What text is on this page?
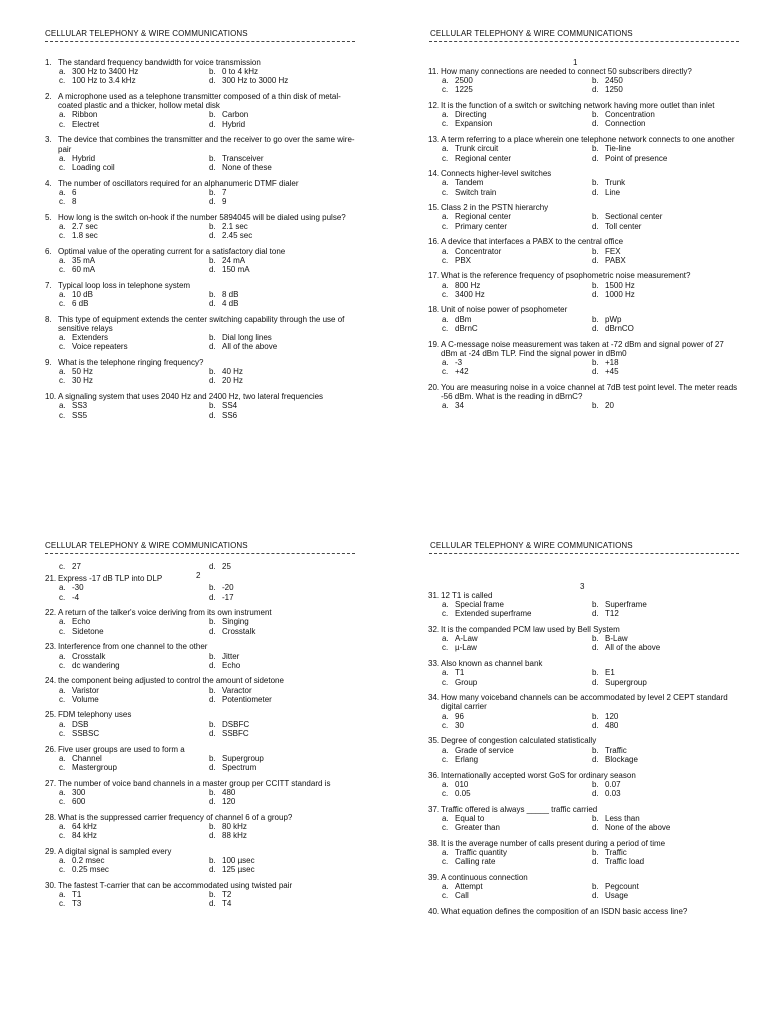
CELLULAR TELEPHONY & WIRE COMMUNICATIONS
1. The standard frequency bandwidth for voice transmission
a. 300 Hz to 3400 Hz	b. 0 to 4 kHz
c. 100 Hz to 3.4 kHz	d. 300 Hz to 3000 Hz
2. A microphone used as a telephone transmitter composed of a thin disk of metal-coated plastic and a thicker, hollow metal disk
a. Ribbon	b. Carbon
c. Electret	d. Hybrid
3. The device that combines the transmitter and the receiver to go over the same wire-pair
a. Hybrid	b. Transceiver
c. Loading coil	d. None of these
4. The number of oscillators required for an alphanumeric DTMF dialer
a. 6	b. 7
c. 8	d. 9
5. How long is the switch on-hook if the number 5894045 will be dialed using pulse?
a. 2.7 sec	b. 2.1 sec
c. 1.8 sec	d. 2.45 sec
6. Optimal value of the operating current for a satisfactory dial tone
a. 35 mA	b. 24 mA
c. 60 mA	d. 150 mA
7. Typical loop loss in telephone system
a. 10 dB	b. 8 dB
c. 6 dB	d. 4 dB
8. This type of equipment extends the center switching capability through the use of sensitive relays
a. Extenders	b. Dial long lines
c. Voice repeaters	d. All of the above
9. What is the telephone ringing frequency?
a. 50 Hz	b. 40 Hz
c. 30 Hz	d. 20 Hz
10. A signaling system that uses 2040 Hz and 2400 Hz, two lateral frequencies
a. SS3	b. SS4
c. SS5	d. SS6
CELLULAR TELEPHONY & WIRE COMMUNICATIONS
1
11. How many connections are needed to connect 50 subscribers directly?
a. 2500	b. 2450
c. 1225	d. 1250
12. It is the function of a switch or switching network having more outlet than inlet
a. Directing	b. Concentration
c. Expansion	d. Connection
13. A term referring to a place wherein one telephone network connects to one another
a. Trunk circuit	b. Tie-line
c. Regional center	d. Point of presence
14. Connects higher-level switches
a. Tandem	b. Trunk
c. Switch train	d. Line
15. Class 2 in the PSTN hierarchy
a. Regional center	b. Sectional center
c. Primary center	d. Toll center
16. A device that interfaces a PABX to the central office
a. Concentrator	b. FEX
c. PBX	d. PABX
17. What is the reference frequency of psophometric noise measurement?
a. 800 Hz	b. 1500 Hz
c. 3400 Hz	d. 1000 Hz
18. Unit of noise power of psophometer
a. dBm	b. pWp
c. dBrnC	d. dBrnCO
19. A C-message noise measurement was taken at -72 dBm and signal power of 27 dBm at -24 dBm TLP. Find the signal power in dBm0
a. -3	b. +18
c. +42	d. +45
20. You are measuring noise in a voice channel at 7dB test point level. The meter reads -56 dBm. What is the reading in dBrnC?
a. 34	b. 20
CELLULAR TELEPHONY & WIRE COMMUNICATIONS
2
c. 27	d. 25
21. Express -17 dB TLP into DLP
a. -30	b. -20
c. -4	d. -17
22. A return of the talker's voice deriving from its own instrument
a. Echo	b. Singing
c. Sidetone	d. Crosstalk
23. Interference from one channel to the other
a. Crosstalk	b. Jitter
c. dc wandering	d. Echo
24. the component being adjusted to control the amount of sidetone
a. Varistor	b. Varactor
c. Volume	d. Potentiometer
25. FDM telephony uses
a. DSB	b. DSBFC
c. SSBSC	d. SSBFC
26. Five user groups are used to form a
a. Channel	b. Supergroup
c. Mastergroup	d. Spectrum
27. The number of voice band channels in a master group per CCITT standard is
a. 300	b. 480
c. 600	d. 120
28. What is the suppressed carrier frequency of channel 6 of a group?
a. 64 kHz	b. 80 kHz
c. 84 kHz	d. 88 kHz
29. A digital signal is sampled every
a. 0.2 msec	b. 100 µsec
c. 0.25 msec	d. 125 µsec
30. The fastest T-carrier that can be accommodated using twisted pair
a. T1	b. T2
c. T3	d. T4
CELLULAR TELEPHONY & WIRE COMMUNICATIONS
3
31. 12 T1 is called
a. Special frame	b. Superframe
c. Extended superframe	d. T12
32. It is the companded PCM law used by Bell System
a. A-Law	b. B-Law
c. µ-Law	d. All of the above
33. Also known as channel bank
a. T1	b. E1
c. Group	d. Supergroup
34. How many voiceband channels can be accommodated by level 2 CEPT standard digital carrier
a. 96	b. 120
c. 30	d. 480
35. Degree of congestion calculated statistically
a. Grade of service	b. Traffic
c. Erlang	d. Blockage
36. Internationally accepted worst GoS for ordinary season
a. 010	b. 0.07
c. 0.05	d. 0.03
37. Traffic offered is always _____ traffic carried
a. Equal to	b. Less than
c. Greater than	d. None of the above
38. It is the average number of calls present during a period of time
a. Traffic quantity	b. Traffic
c. Calling rate	d. Traffic load
39. A continuous connection
a. Attempt	b. Pegcount
c. Call	d. Usage
40. What equation defines the composition of an ISDN basic access line?
